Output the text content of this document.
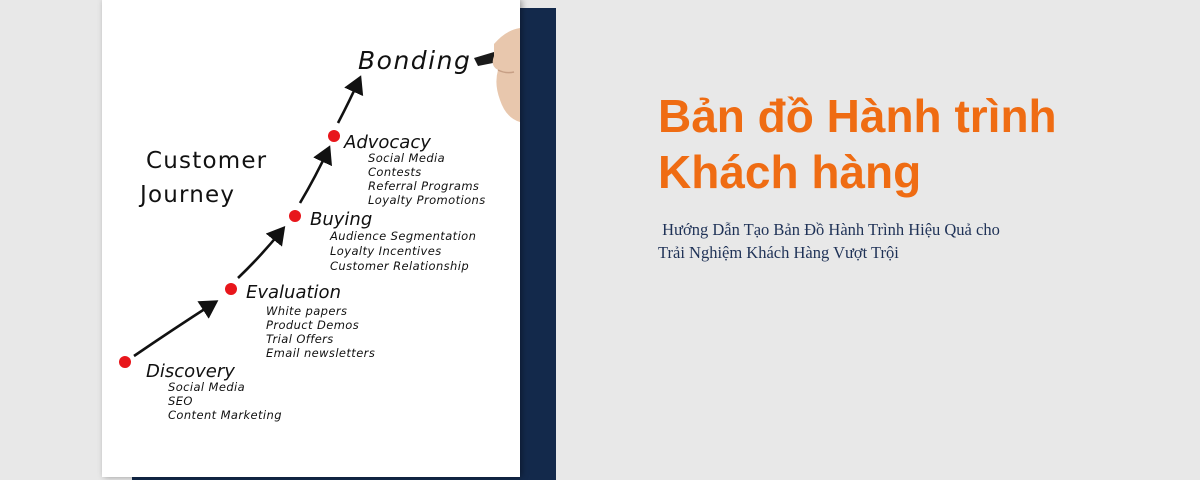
Customer
Journey
Bonding
Discovery
Social Media
SEO
Content Marketing
Evaluation
White papers
Product Demos
Trial Offers
Email newsletters
Buying
Audience Segmentation
Loyalty Incentives
Customer Relationship
Advocacy
Social Media
Contests
Referral Programs
Loyalty Promotions
Bản đồ Hành trình
Khách hàng

Hướng Dẫn Tạo Bản Đồ Hành Trình Hiệu Quả cho
Trải Nghiệm Khách Hàng Vượt Trội
